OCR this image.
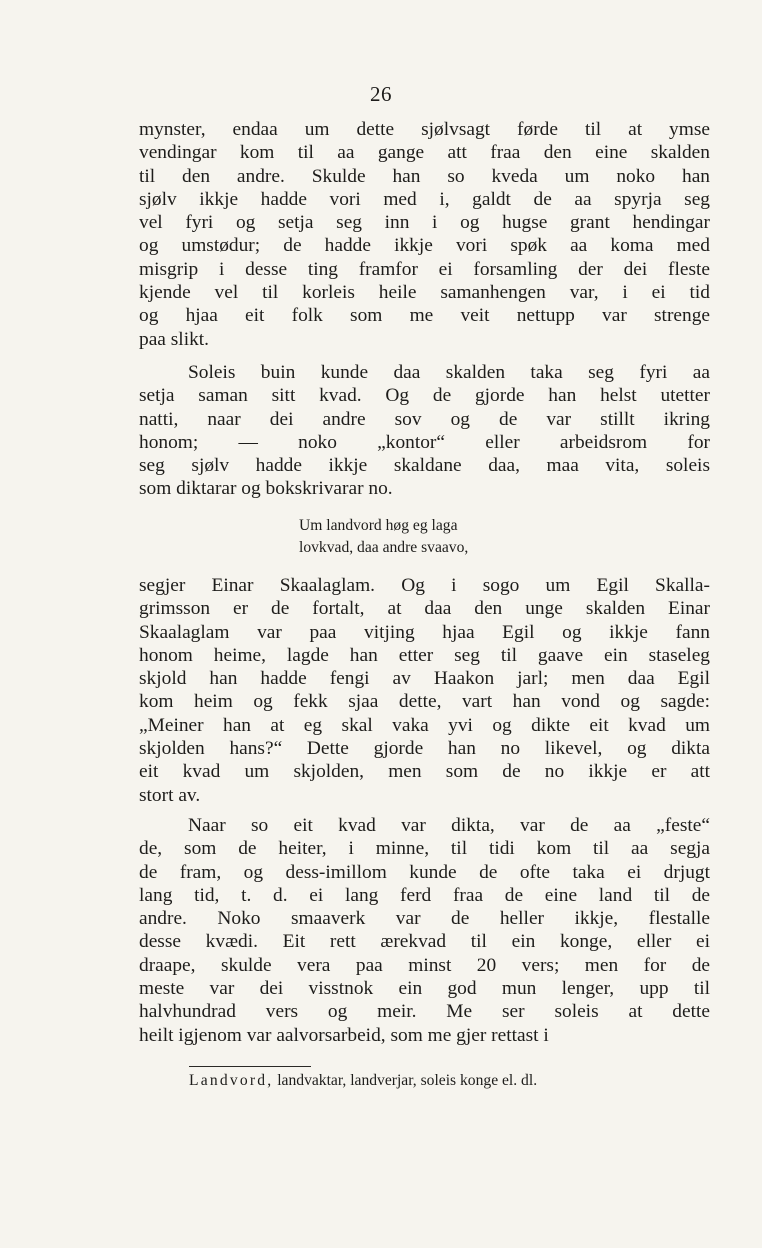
26
mynster, endaa um dette sjølvsagt førde til at ymse
vendingar kom til aa gange att fraa den eine skalden
til den andre. Skulde han so kveda um noko han
sjølv ikkje hadde vori med i, galdt de aa spyrja seg
vel fyri og setja seg inn i og hugse grant hendingar
og umstødur; de hadde ikkje vori spøk aa koma med
misgrip i desse ting framfor ei forsamling der dei fleste
kjende vel til korleis heile samanhengen var, i ei tid
og hjaa eit folk som me veit nettupp var strenge
paa slikt.
Soleis buin kunde daa skalden taka seg fyri aa
setja saman sitt kvad. Og de gjorde han helst utetter
natti, naar dei andre sov og de var stillt ikring
honom; — noko „kontor“ eller arbeidsrom for
seg sjølv hadde ikkje skaldane daa, maa vita, soleis
som diktarar og bokskrivarar no.
Um landvord høg eg laga
lovkvad, daa andre svaavo,
segjer Einar Skaalaglam. Og i sogo um Egil Skalla-
grimsson er de fortalt, at daa den unge skalden Einar
Skaalaglam var paa vitjing hjaa Egil og ikkje fann
honom heime, lagde han etter seg til gaave ein staseleg
skjold han hadde fengi av Haakon jarl; men daa Egil
kom heim og fekk sjaa dette, vart han vond og sagde:
„Meiner han at eg skal vaka yvi og dikte eit kvad um
skjolden hans?“ Dette gjorde han no likevel, og dikta
eit kvad um skjolden, men som de no ikkje er att
stort av.
Naar so eit kvad var dikta, var de aa „feste“
de, som de heiter, i minne, til tidi kom til aa segja
de fram, og dess-imillom kunde de ofte taka ei drjugt
lang tid, t. d. ei lang ferd fraa de eine land til de
andre. Noko smaaverk var de heller ikkje, flestalle
desse kvædi. Eit rett ærekvad til ein konge, eller ei
draape, skulde vera paa minst 20 vers; men for de
meste var dei visstnok ein god mun lenger, upp til
halvhundrad vers og meir. Me ser soleis at dette
heilt igjenom var aalvorsarbeid, som me gjer rettast i
Landvord, landvaktar, landverjar, soleis konge el. dl.
